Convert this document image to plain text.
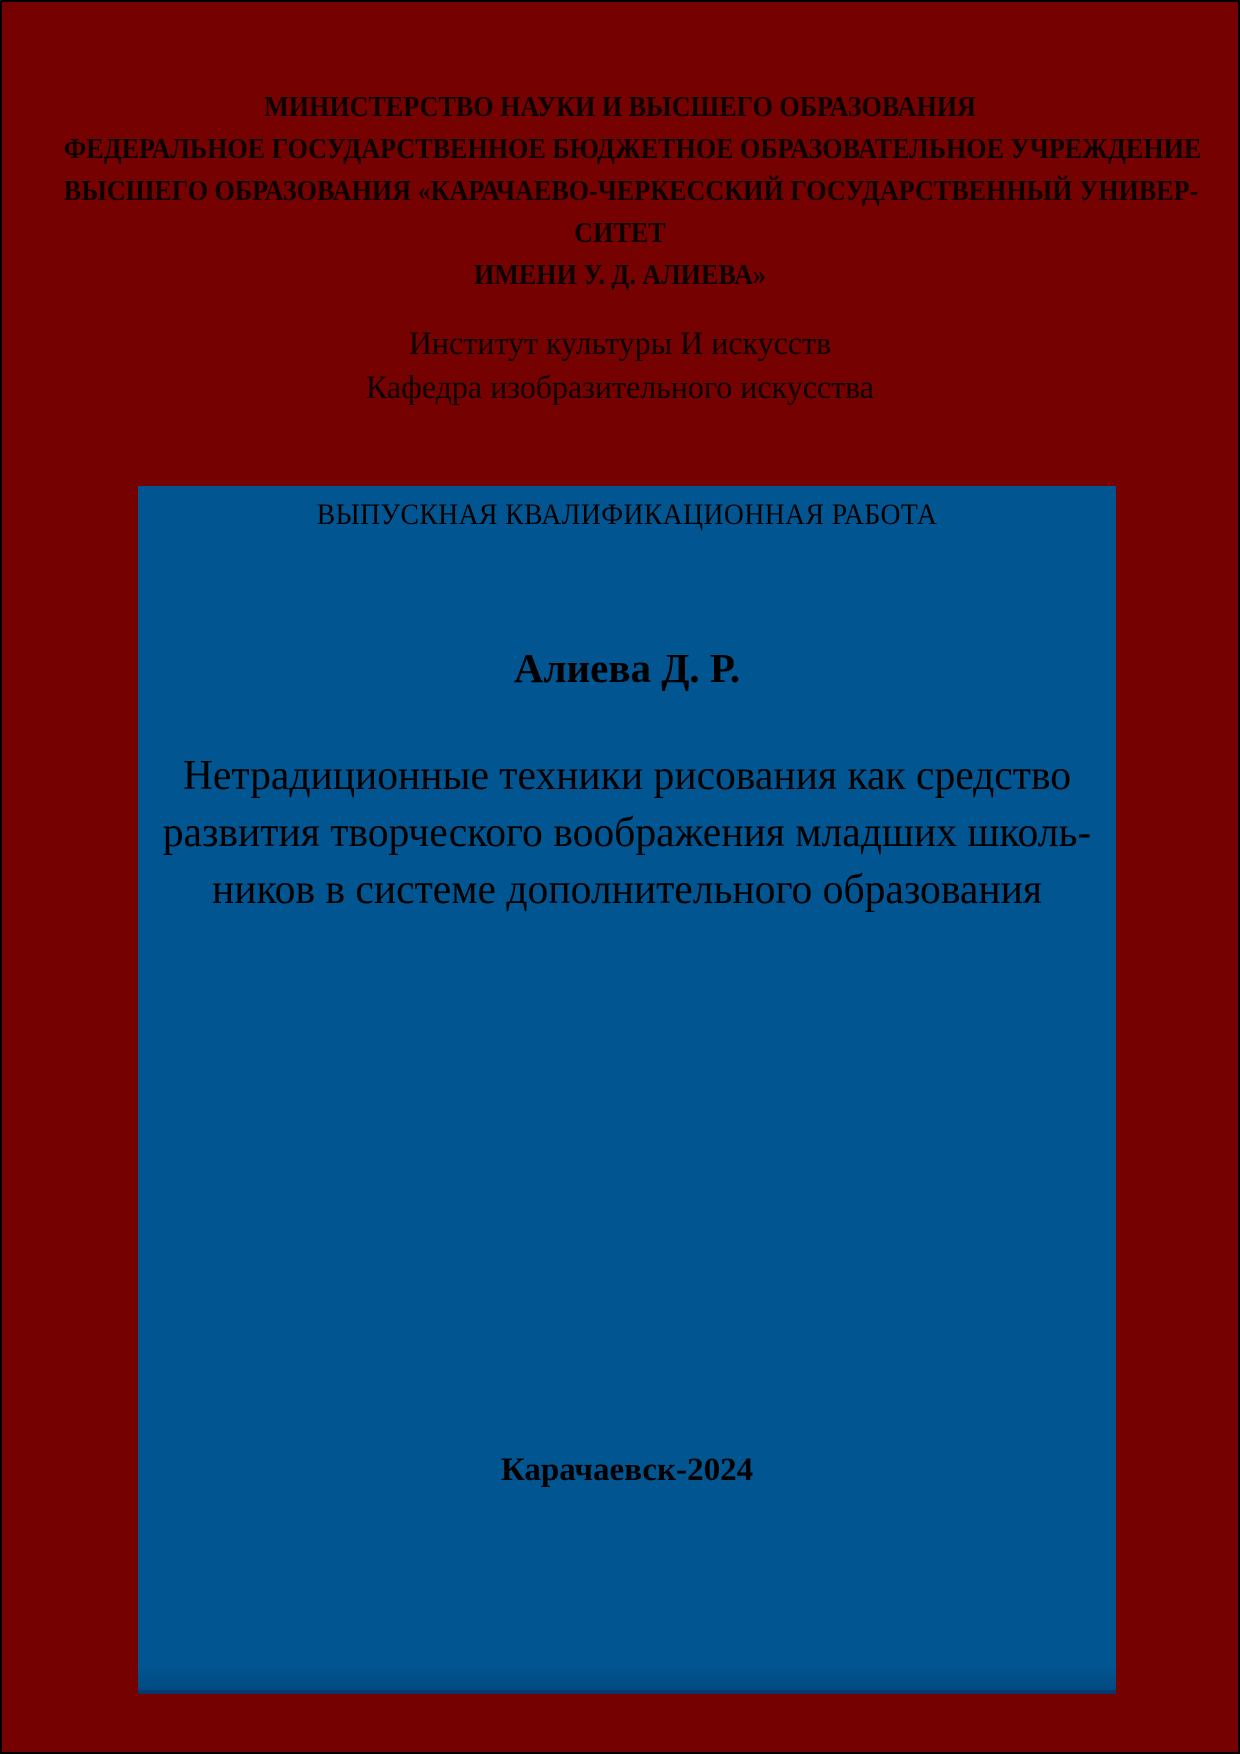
МИНИСТЕРСТВО НАУКИ И ВЫСШЕГО ОБРАЗОВАНИЯ

ФЕДЕРАЛЬНОЕ ГОСУДАРСТВЕННОЕ БЮДЖЕТНОЕ ОБРАЗОВАТЕЛЬНОЕ УЧРЕЖДЕНИЕ

ВЫСШЕГО ОБРАЗОВАНИЯ «КАРАЧАЕВО-ЧЕРКЕССКИЙ ГОСУДАРСТВЕННЫЙ УНИВЕР-

СИТЕТ

ИМЕНИ У. Д. АЛИЕВА»

Институт культуры И искусств

Кафедра изобразительного искусства

ВЫПУСКНАЯ КВАЛИФИКАЦИОННАЯ РАБОТА

Алиева Д. Р.

Нетрадиционные техники рисования как средство
развития творческого воображения младших школь-
ников в системе дополнительного образования

Карачаевск-2024
